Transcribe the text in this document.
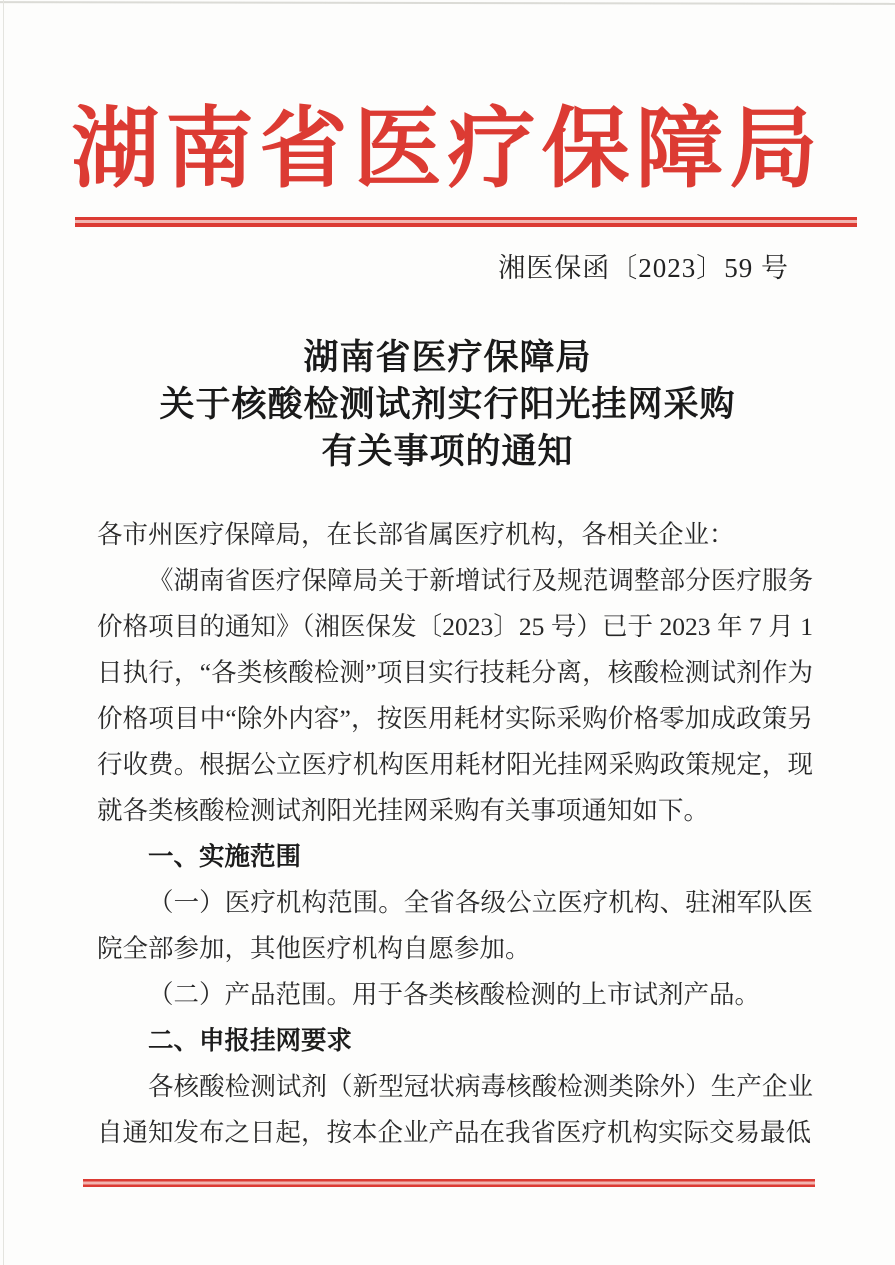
湖南省医疗保障局
湘医保函〔2023〕59 号
湖南省医疗保障局
关于核酸检测试剂实行阳光挂网采购
有关事项的通知

各市州医疗保障局，在长部省属医疗机构，各相关企业：

《湖南省医疗保障局关于新增试行及规范调整部分医疗服务价格项目的通知》（湘医保发〔2023〕25 号）已于 2023 年 7 月 1 日执行，“各类核酸检测”项目实行技耗分离，核酸检测试剂作为价格项目中“除外内容”，按医用耗材实际采购价格零加成政策另行收费。根据公立医疗机构医用耗材阳光挂网采购政策规定，现就各类核酸检测试剂阳光挂网采购有关事项通知如下。

一、实施范围

（一）医疗机构范围。全省各级公立医疗机构、驻湘军队医院全部参加，其他医疗机构自愿参加。

（二）产品范围。用于各类核酸检测的上市试剂产品。

二、申报挂网要求

各核酸检测试剂（新型冠状病毒核酸检测类除外）生产企业自通知发布之日起，按本企业产品在我省医疗机构实际交易最低
